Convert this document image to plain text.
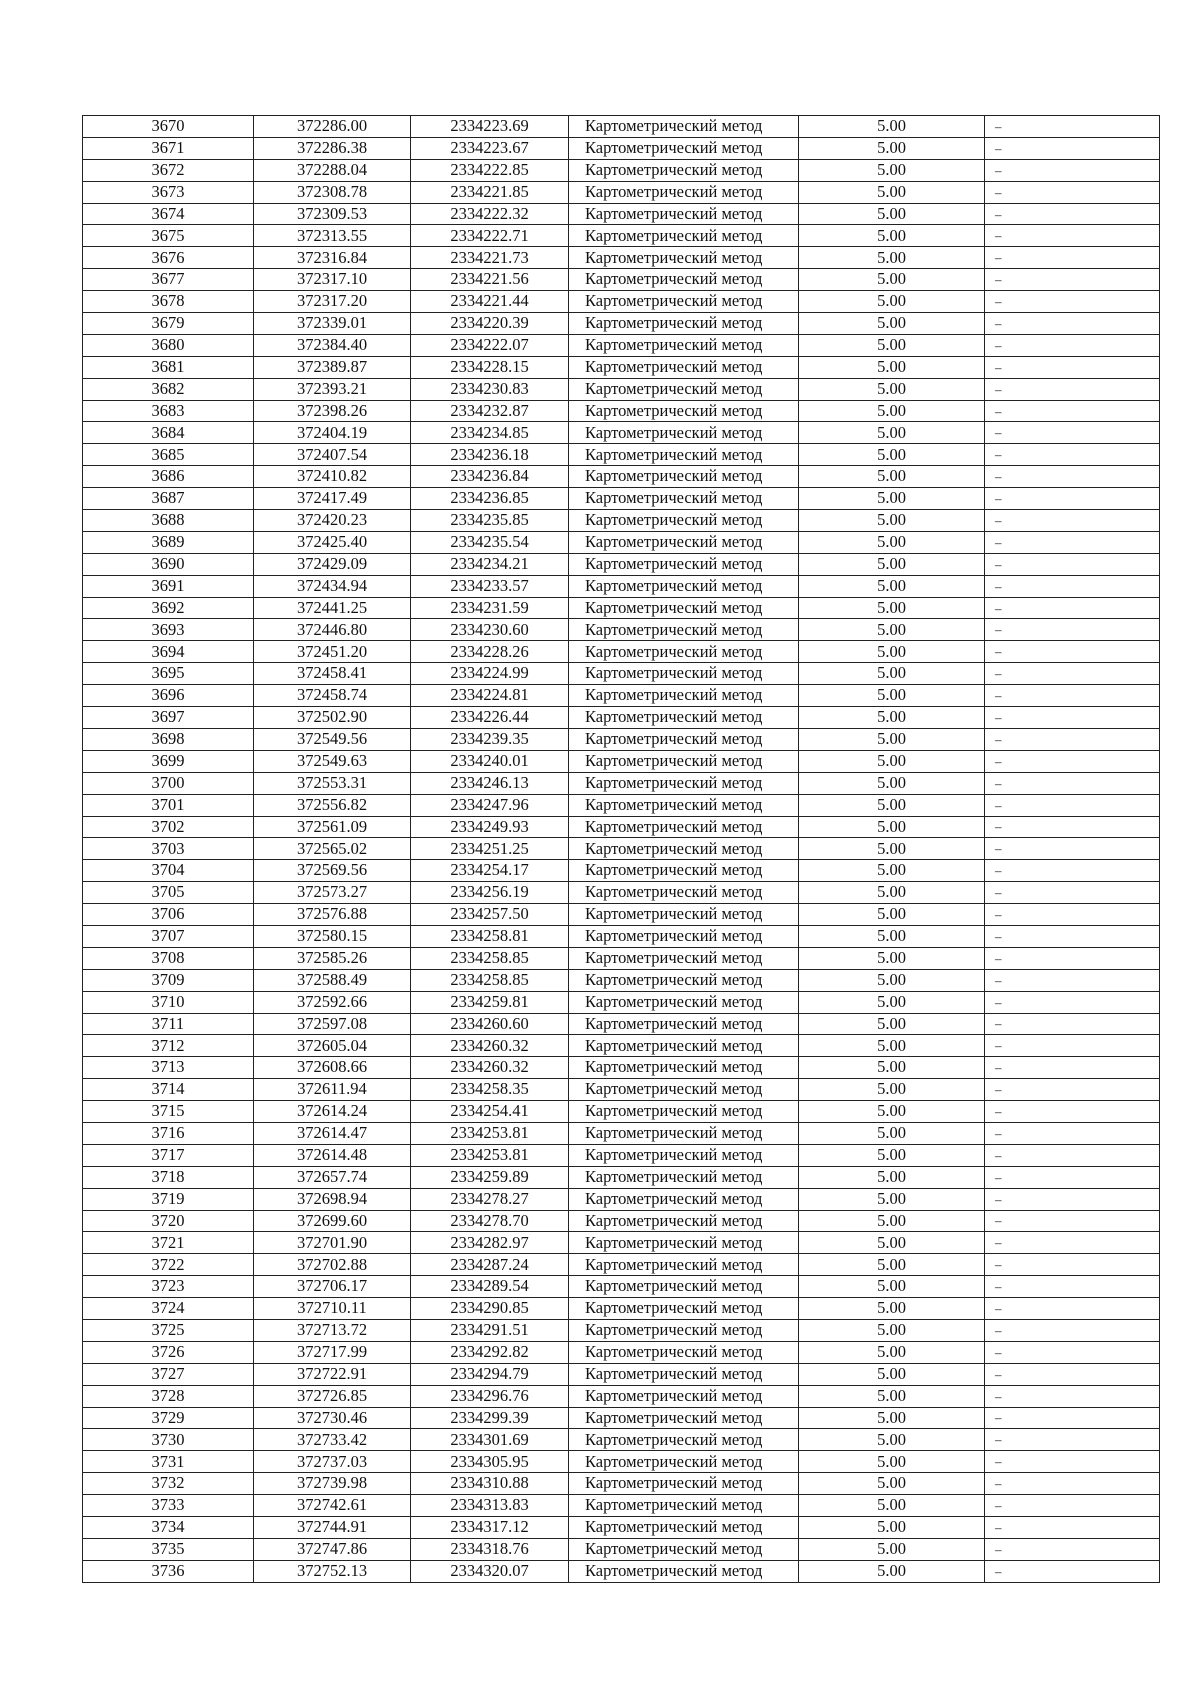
3670	372286.00	2334223.69	Картометрический метод	5.00	–
3671	372286.38	2334223.67	Картометрический метод	5.00	–
3672	372288.04	2334222.85	Картометрический метод	5.00	–
3673	372308.78	2334221.85	Картометрический метод	5.00	–
3674	372309.53	2334222.32	Картометрический метод	5.00	–
3675	372313.55	2334222.71	Картометрический метод	5.00	–
3676	372316.84	2334221.73	Картометрический метод	5.00	–
3677	372317.10	2334221.56	Картометрический метод	5.00	–
3678	372317.20	2334221.44	Картометрический метод	5.00	–
3679	372339.01	2334220.39	Картометрический метод	5.00	–
3680	372384.40	2334222.07	Картометрический метод	5.00	–
3681	372389.87	2334228.15	Картометрический метод	5.00	–
3682	372393.21	2334230.83	Картометрический метод	5.00	–
3683	372398.26	2334232.87	Картометрический метод	5.00	–
3684	372404.19	2334234.85	Картометрический метод	5.00	–
3685	372407.54	2334236.18	Картометрический метод	5.00	–
3686	372410.82	2334236.84	Картометрический метод	5.00	–
3687	372417.49	2334236.85	Картометрический метод	5.00	–
3688	372420.23	2334235.85	Картометрический метод	5.00	–
3689	372425.40	2334235.54	Картометрический метод	5.00	–
3690	372429.09	2334234.21	Картометрический метод	5.00	–
3691	372434.94	2334233.57	Картометрический метод	5.00	–
3692	372441.25	2334231.59	Картометрический метод	5.00	–
3693	372446.80	2334230.60	Картометрический метод	5.00	–
3694	372451.20	2334228.26	Картометрический метод	5.00	–
3695	372458.41	2334224.99	Картометрический метод	5.00	–
3696	372458.74	2334224.81	Картометрический метод	5.00	–
3697	372502.90	2334226.44	Картометрический метод	5.00	–
3698	372549.56	2334239.35	Картометрический метод	5.00	–
3699	372549.63	2334240.01	Картометрический метод	5.00	–
3700	372553.31	2334246.13	Картометрический метод	5.00	–
3701	372556.82	2334247.96	Картометрический метод	5.00	–
3702	372561.09	2334249.93	Картометрический метод	5.00	–
3703	372565.02	2334251.25	Картометрический метод	5.00	–
3704	372569.56	2334254.17	Картометрический метод	5.00	–
3705	372573.27	2334256.19	Картометрический метод	5.00	–
3706	372576.88	2334257.50	Картометрический метод	5.00	–
3707	372580.15	2334258.81	Картометрический метод	5.00	–
3708	372585.26	2334258.85	Картометрический метод	5.00	–
3709	372588.49	2334258.85	Картометрический метод	5.00	–
3710	372592.66	2334259.81	Картометрический метод	5.00	–
3711	372597.08	2334260.60	Картометрический метод	5.00	–
3712	372605.04	2334260.32	Картометрический метод	5.00	–
3713	372608.66	2334260.32	Картометрический метод	5.00	–
3714	372611.94	2334258.35	Картометрический метод	5.00	–
3715	372614.24	2334254.41	Картометрический метод	5.00	–
3716	372614.47	2334253.81	Картометрический метод	5.00	–
3717	372614.48	2334253.81	Картометрический метод	5.00	–
3718	372657.74	2334259.89	Картометрический метод	5.00	–
3719	372698.94	2334278.27	Картометрический метод	5.00	–
3720	372699.60	2334278.70	Картометрический метод	5.00	–
3721	372701.90	2334282.97	Картометрический метод	5.00	–
3722	372702.88	2334287.24	Картометрический метод	5.00	–
3723	372706.17	2334289.54	Картометрический метод	5.00	–
3724	372710.11	2334290.85	Картометрический метод	5.00	–
3725	372713.72	2334291.51	Картометрический метод	5.00	–
3726	372717.99	2334292.82	Картометрический метод	5.00	–
3727	372722.91	2334294.79	Картометрический метод	5.00	–
3728	372726.85	2334296.76	Картометрический метод	5.00	–
3729	372730.46	2334299.39	Картометрический метод	5.00	–
3730	372733.42	2334301.69	Картометрический метод	5.00	–
3731	372737.03	2334305.95	Картометрический метод	5.00	–
3732	372739.98	2334310.88	Картометрический метод	5.00	–
3733	372742.61	2334313.83	Картометрический метод	5.00	–
3734	372744.91	2334317.12	Картометрический метод	5.00	–
3735	372747.86	2334318.76	Картометрический метод	5.00	–
3736	372752.13	2334320.07	Картометрический метод	5.00	–
